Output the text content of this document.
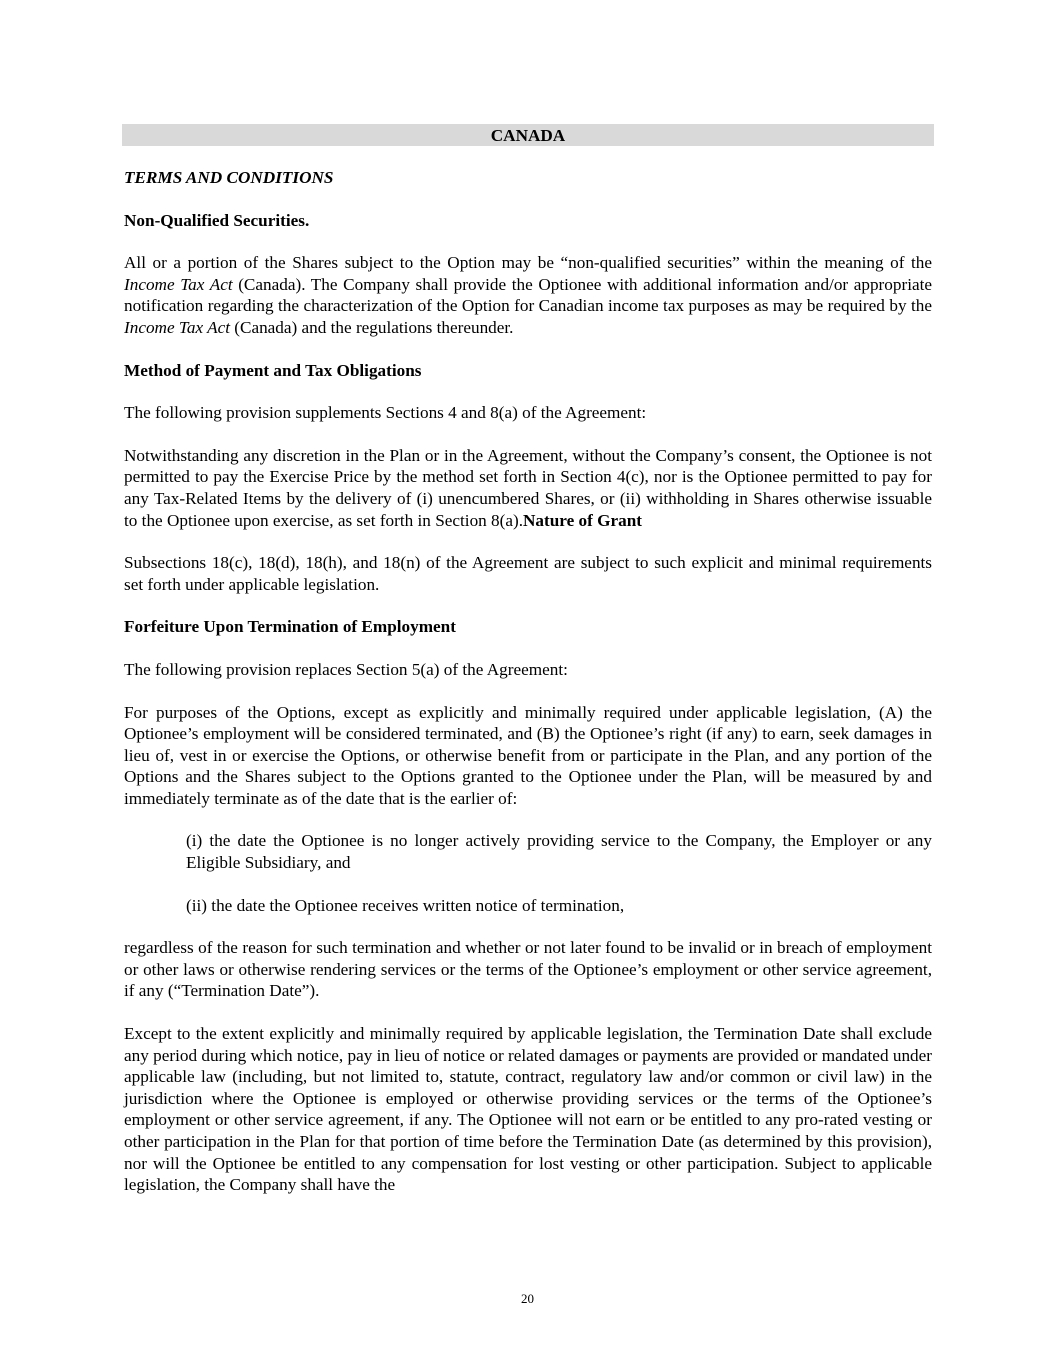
CANADA

TERMS AND CONDITIONS

Non-Qualified Securities.

All or a portion of the Shares subject to the Option may be “non-qualified securities” within the meaning of the Income Tax Act (Canada). The Company shall provide the Optionee with additional information and/or appropriate notification regarding the characterization of the Option for Canadian income tax purposes as may be required by the Income Tax Act (Canada) and the regulations thereunder.

Method of Payment and Tax Obligations

The following provision supplements Sections 4 and 8(a) of the Agreement:

Notwithstanding any discretion in the Plan or in the Agreement, without the Company’s consent, the Optionee is not permitted to pay the Exercise Price by the method set forth in Section 4(c), nor is the Optionee permitted to pay for any Tax-Related Items by the delivery of (i) unencumbered Shares, or (ii) withholding in Shares otherwise issuable to the Optionee upon exercise, as set forth in Section 8(a).Nature of Grant

Subsections 18(c), 18(d), 18(h), and 18(n) of the Agreement are subject to such explicit and minimal requirements set forth under applicable legislation.

Forfeiture Upon Termination of Employment

The following provision replaces Section 5(a) of the Agreement:

For purposes of the Options, except as explicitly and minimally required under applicable legislation, (A) the Optionee’s employment will be considered terminated, and (B) the Optionee’s right (if any) to earn, seek damages in lieu of, vest in or exercise the Options, or otherwise benefit from or participate in the Plan, and any portion of the Options and the Shares subject to the Options granted to the Optionee under the Plan, will be measured by and immediately terminate as of the date that is the earlier of:

(i) the date the Optionee is no longer actively providing service to the Company, the Employer or any Eligible Subsidiary, and

(ii) the date the Optionee receives written notice of termination,

regardless of the reason for such termination and whether or not later found to be invalid or in breach of employment or other laws or otherwise rendering services or the terms of the Optionee’s employment or other service agreement, if any (“Termination Date”).

Except to the extent explicitly and minimally required by applicable legislation, the Termination Date shall exclude any period during which notice, pay in lieu of notice or related damages or payments are provided or mandated under applicable law (including, but not limited to, statute, contract, regulatory law and/or common or civil law) in the jurisdiction where the Optionee is employed or otherwise providing services or the terms of the Optionee’s employment or other service agreement, if any. The Optionee will not earn or be entitled to any pro-rated vesting or other participation in the Plan for that portion of time before the Termination Date (as determined by this provision), nor will the Optionee be entitled to any compensation for lost vesting or other participation. Subject to applicable legislation, the Company shall have the

20
